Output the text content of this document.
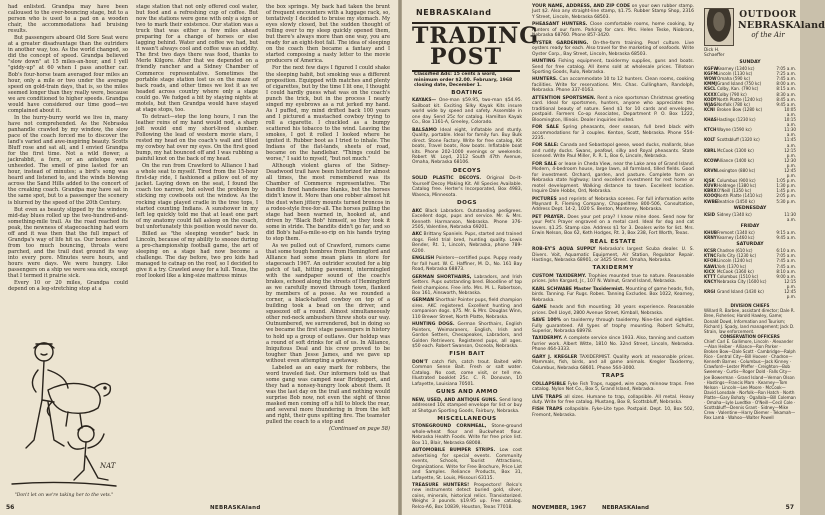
had enlisted. Grandpa may have been calloused to the ever-bouncing stage, but to a person who is used to a pad on a wooden chair, the accommodations had bruising results.

But passengers aboard Old Sore Seat were at a greater disadvantage than the outriders in another way, too. As the world changed, so did the concept of speed. Grandpa believed "slow down" at 15 miles-an-hour, and I yell "giddy-up" at 60 when I pass another car. Bob's four-horse team averaged four miles an hour, only a mile or two under the average speed on gold-train days, that is, so the miles seemed longer than they really were, because we are conditioned to higher speeds. Grandpa would have considered our time good—we complained about it.

In the hurry-burry world we live in, many have not comprehended. As the Nebraska panhandle crawled by my window, the slow pace of the coach forced me to discover the land's varied and awe-inspiring beauty. Scotts Bluff rose and sat all, and I envied Grandpa for the first time. Not a wild flower, a jackrabbit, a fern, or an antelope went unheeded. The smell of pine lasted for an hour, instead of minutes; a bird's song was heard and listened to, and the winds blowing across the Sand Hills added to the concert of the creaking coach. Grandpa may have sat in the same spot, but to a passenger the scenery is blurred by the speed of the 20th Century.

But even as beauty slipped by the window, mid-day blues rolled up the two-hundred-and-something-mile trail. As the road reached its peak, the newness of stagecoaching had worn off and it was then that the full impact of Grandpa's way of life hit us. Our bones ached from too much bouncing, throats were parched, and the trail dust ground its way into every pore. Minutes were hours, and hours were days. We were hungry. Like passengers on a ship we were sea sick, except that I termed it prairie sick.

Every 10 or 20 miles, Grandpa could depend on a leg-stretching stop at a

stage station that not only offered cool water, but food and a refreshing cup of coffee. But now the stations were gone with only a sign or two to mark their existence. Our station was a truck that was either a few miles ahead preparing for a change of horses or else lagging behind. Water and coffee we had, but it wasn't always cool and coffee was an oddity. The first two days there was food, thanks to Merle Kilgore. After that we depended on a friendly rancher and a Sidney Chamber of Commerce representative. Sometimes the portable stage station lost us on the maze of back roads, and other times we lost it as we headed across country where only a stage could go. We fudged a bit by staying nights at motels, but then Grandpa would have stayed at stage stops, too.

To detract—step the long hours, I ran the leather reins of my hand would nod, a sharp jolt would end my short-lived slumber. Following the lead of western movie stars, I rested my head on the coach's wall and tilted my cowboy hat over my eyes. On the first good bump, my hat bounced off and I was rubbing a painful knot on the back of my head.

On the run from Crawford to Alliance I had a whole seat to myself. Tired from the 15-hour first-day ride, I fashioned a pillow out of my jacket. Laying down on the seat, I found the coach too narrow, but solved the problem by sticking my cowboots out the window. As the rocking stage played cradle in the tree tops, I started counting Indians. A sunshower in my left leg quickly told me that at least one part of my anatomy could fall asleep on the coach, but unfortunately this position would never do.

Billed as "the sleeping wonder" back in Lincoln, because of my ability to snooze during a pro-championship football game, the art of sleeping on a stage had now become a challenge. The day before, two pro kids had managed to catnap on the roof, so I decided to give it a try. Crawled away for a lull. Texas, the roof looked like a king-size mattress minus

the box springs. My back had taken the brunt of frequent encounters with a luggage rack, so, tentatively I decided to bruise my stomach. My eyes slowly closed, but the sudden thought of rolling over to my sleep quickly opened them, but there's always more than one way, you are ready for an eight-foot fall. The idea of sleeping on the coach then became a fantasy and I started composing a nasty letter to the movie producers of America.

For the next few days I figured I could shake the sleeping habit, but smoking was a different proposition. Equipped with matches and plenty of cigarettes, but by the time I lit one, I thought I could hardly guess what was on the coach's punch the trick, but in the process I nearly singed my eyebrows as a rut jerked my hand. As I puffed, my mind drifted back 100 years and I pictured a mustached cowboy trying to roll a cigarette. I chuckled as a bumpy scattered his tobacco to the wind. Leaving the smokes, I got it rolled I looked where he ignited it. Rubber boot as I tried to inhale. The Indians of the flat-lands, sheets of road, became on the handlebar. "Things could be worse," I said to myself, "but not much."

Although violent glares of the Sidney-Deadwood trail have been historized for almost all times, the most remembered was its Chamber of Commerce representative. The bandits fired handsome blanks, but the horses didn't know it. More than one robber almost hit the dust when jittery mounts turned broncos in a rodeo-style free-for-all. The horses pulling the stage had been warned in, hooked at, and driven by "Black Bob" himself, so they took it some in stride. The bandits didn't go far, and so did Bob's half-a-mile-so-rip on his hands trying to stop them.

As we pulled out of Crawford, rumors came that some tough hombres from Hemingford and Alliance had some mean plans in store for stagecoach 1967. An outrider scouted for a big patch of tall, hitting pavement, intermingled with the sandpaper sound of the coach's brakes, echoed along the streets of Hemingford as we carefully moved through town, flanked by members of a posse. As we rounded a corner, a black-hatted cowboy on top of a building took a bead on the driver, and squeezed off a round. Almost simultaneously other red-neck ambushers threw shots our way. Outnumbered, we surrendered, but in doing so we became the first stage passengers in history to hold up a group of outlaws. Our holdup was a round of soft drinks for all of us. In Alliance, Iniquitous Deal and his crew proved to be tougher than Jesse James, and we gave up without even attempting a getaway.

Labeled as an easy mark for robbers, the word traveled fast. Our informers told us that some gang was camped near Bridgeport, and they had a nonsey-hungry look about them. It was the last day on the trail and nothing would surprise Bob now, not even the sight of three masked men coming off a hill to block the rear, and several more thundering in from the left and right, their guns spitting fire. The teamster pulled the coach to a stop and

(Continued on page 58)

NAT
"Don't let on we're taking her to the vets."
56	NEBRASKAland
NEBRASKAland
TRADING POST
Classified Ads: 15 cents a word, minimum order $2.00. February, 1968 closing date, December 1.
BOATING
KAYAKS— One-man $59.95, two-man $54.95. Sailboat kit. Exciting Silky Kayak Kits insure world wide by speed and safety. Assemble in one day. Send 25c for catalog. Hamilton Kayak Co., Box 1161-A, Greeley, Colorado.
BALSAMO Ideal eight, inflatable and sturdy. Quality, portable. Ideal for family fun. Buy Bulk direct. Stone Factory. Write for free catalog, Kit boats, Travel boats, Row boats. Inflatable boat kits. Phone 202-1000 evenings or weekends. Robert W. Loyd, 2112 South 47th Avenue, Omaha, Nebraska 68106.
DECOYS
SOLID PLASTIC DECOYS. Original Do-It-Yourself Decoy Making Kit. All Species Available. Catalog free. Herter's Incorporated, Box 4983, Waseca, Minnesota.
DOGS
AKC Black Labradors. Outstanding pedigrees. Excellent dogs, pups and service. Mr. & Mrs. Kenneth Harmanson, Nebraska. Phone 376-2505, Valentine, Nebraska 69201.
AKC Brittany Spaniels. Pups, started and trained dogs. Field trial bred, hunting quality. Lewis Bender, Rt. 1, Lincoln, Nebraska, phone 789-6200.
ENGLISH Pointers—certified pups. Puppy ready for fall hunt. W. C. Haffiner, M. D., No. 161 Bay Road, Nebraska 68873.
GERMAN SHORTHAIRS, Labradors, and Irish Setters. Pups outstanding bred. Bloodline of top field champions. Free info. Mrs. M. L. Robertson, Box 161, Ainsworth, Nebraska.
GERMAN Shorthair Pointer pups, field champion sires. AKC registered. Excellent hunting and companion dogs. $75. Mr. & Mrs. Douglas Winn, 110 Brewer Street, North Platte, Nebraska.
HUNTING DOGS. German Shorthairs, English Pointers, Weimaraners, English, Irish and Gordon Setters, Chesapeakes, Labradors, and Golden Retrievers. Registered pups, all ages. $50 each. Robert Swanson, Osceola, Nebraska.
FISH BAIT
DON'T catch fish, catch trout. Baited with Common Sense Bait. Fresh or salt water. Catalog. No cost, come visit, or tell me. Illustrated booklet 25c. C. R. Donovan, 10 Lafayette, Louisiana 70501.
GUNS AND AMMO
NEW, USED, AND ANTIQUE GUNS. Send long addressed 10c stamped envelope for list or buy at Shotgun Sporting Goods, Fairbury, Nebraska.
MISCELLANEOUS
STONEGROUND CORNMEAL, Stone-ground whole-wheat flour and Buckwheat flour. Nebraska Health Foods. Write for free price list. Box 11, Blair, Nebraska 68008.
AUTOMOBILE BUMPER STRIPS. Low cost advertising for special events. Community events, Schools, Tourist Attractions, Organizations. Write for Free Brochure, Price List and Samples. Reliance Products, Box 31, Lafayette, St. Louis, Missouri 63115.
TREASURE HUNTERS! Prospectors! Relco's new instruments detect buried gold, silver, coins, minerals, historical relics. Transistorized. Weighs 3 pounds. $19.95 up. Free catalog. Relco-A6, Box 10839, Houston, Texas 77018.
YOUR NAME, ADDRESS, AND ZIP CODE on your own rubber stamp. Just $2. Also any straight-line stamp, $1.75. Rubber Stamp Shop, 2316 Y Street, Lincoln, Nebraska 68503.
PHEASANT HUNTERS. Close comfortable rooms, home cooking, by hunters of our farm. Parking for cars. Mrs. Helen Teske, Niobrara, Nebraska 68760. Phone 857-3420.
OYSTER GARDENING. On-the-farm training. Pearl culture. Live oysters ready for each. Also travel for the marketing of seafoods. Write Oyster Corp., Bay Street, Lincoln, Nebraska 68503.
HUNTING Fishing equipment, taxidermy supplies, guns and boats. Send for free catalog. All items sold at wholesale prices. Tillotson Sporting Goods, Rulo, Nebraska.
HUNTERS. Can accommodate 10 to 12 hunters. Clean rooms, cooking facilities. Write for reservations. Mrs. Chas. Cullingham, Randolph, Nebraska. Phone 337-0163.
ATTENTION SPORTSMEN. Rent a nice sportsman Christmas greeting card. Ideal for sportsmen, hunters, anyone who appreciates the traditional beauty of nature. Send $1 for 10 cards and envelopes, postpaid. Farmers Co-op Associates, Department P. O. Box 1222, Bloomington, Illinois. Dealer inquiries invited.
FOR SALE Spring pheasants, deer season, full bred black with accommodations for 3 couples. Kenton, Scott, Nebraska. Phone 554-2235.
FOR SALE: Canada and Sebastopol geese, wood ducks, mallards, blue and ruddy ducks. Swans, peafowl, silky and Royal pheasants. State licensed. Write Paul Miller, R. R. 1, Box 6, Lincoln, Nebraska.
FOR SALE or lease in Cheda View, near the Lake area of Grand Island. Modern, 4-bedroom house, large lawn, all farmland, tilled fields. Good for investment. Orchard, garden, and pasture. Complete farm on Nebraska state highway; land excellent investment for rest home or motel development. Walking distance to town. Excellent location. Inquire Dale Hobbs, Ord, Nebraska.
PICTURES and reprints of Nebraska scenes. For full information write Maynard R. Fleming Company, Chappelltree 800-506, Consultation, Address Dept. 14-2, 1020 S. Benton, Monterey, Nebraska.
PET PRAYER. Does your pet pray? I know mine does. Send now for your Pet's Prayer engraved on a metal card. Ideal for dog and cat lovers. $1.25. Stamp size. Address $1 for 3. Dealers write for list. Mrs. Erwin Nelson, Box 62, Keth Hodges, Rt. 3, Box 238, Fort Worth, Texas.
REAL ESTATE
ROB-EY'S AQUA SUPPLY Nebraska's largest Scuba dealer. U. S. Divers. Voit, Aquamatic Equipment, Air Station, Regulator Repair. Hastings, Nebraska 68901, or 3425 Street. Omaha, Nebraska.
TAXIDERMY
CUSTOM TAXIDERMY. Trophies mounted true to nature. Reasonable prices. John Kargard, Jr., 107 N. Walnut, Grand Island, Nebraska.
KARL SCHWABE Master Taxidermist. Mounting of game heads, fish, birds. Tanning. Fur Rugs. Robes. Tanning Excludes. Box 1022, Kearney, Nebraska.
GAME heads and fish mounting; 30 years experience. Reasonable prices. Dell Lloyd, 2800 Avenue Street, Kimball, Nebraska.
SAVE 100% on taxidermy through taxidermy. Nine-ties and eighties. Fully guaranteed. All types of trophy mounting. Robert Schultz, Superior, Nebraska 68978.
TAXIDERMY. A complete service since 1933. Also, tanning and custom furrier work. Albert Witte, 1810 No. 32nd Street, Lincoln, Nebraska. Phone 464-3333.
GARY J. KREGLER TAXIDERMIST. Quality work at reasonable prices. Mammals, fish, birds, and all game animals. Kregler Taxidermy, Columbus, Nebraska 68601. Phone 564-3000.
TRAPS
COLLAPSIBLE Fyke Fish Traps, rugged, wire cage, minnow traps. Free catalog. Nylon Net Co., Box 5, Grand Island, Nebraska.
LIVE TRAPS all sizes. Humane to trap, collapsible. All metal. Heavy duty. Write for free catalog. Mustang, Box 8, Scottsbluff, Nebraska.
FISH TRAPS collapsible. Fyke-Lite type. Postpaid. Dept. 10, Box 502, Fremont, Nebraska.
Dick H. Schaeffer
OUTDOOR
NEBRASKAland
of the Air
SUNDAY
KGFW Kearney (1340 kc)	7:05 a.m.
KGFM Lincoln (1130 kc)	7:25 a.m.
WOW Omaha (590 kc)	7:45 a.m.
KMMJ Grand Island (750 kc)	8:00 a.m.
KSCL Colby, Kan. (790 kc)	8:15 a.m.
KXXX Colby (790 kc)	8:30 a.m.
KODY North Platte (1240 kc)	8:45 a.m.
WJAG Norfolk (780 kc)	9:45 a.m.
KCNI Broken Bow (1280 kc)	10:05 a.m.
KHAS Hastings (1230 kc)	10:15 a.m.
KTCH Wayne (1590 kc)	11:30 a.m.
KOLT Scottsbluff (1320 kc)	11:45 a.m.
KBRL McCook (1300 kc)	12:15 p.m.
KCOW Alliance (1400 kc)	12:30 p.m.
KRVN Lexington (880 kc)	12:45 p.m.
KJSK Columbus (900 kc)	1:05 p.m.
KUVR Holdrege (1380 kc)	1:30 p.m.
KBRX O'Neill (1350 kc)	1:45 p.m.
KOOQ North Platte (1410 kc)	2:05 p.m.
KWBE Beatrice (1450 kc)	5:30 p.m.
WEDNESDAY
KSID Sidney (1340 kc)	11:30 a.m.
FRIDAY
KHUB Fremont (1340 kc)	9:15 a.m.
KRNY Kearney (1460 kc)	9:45 a.m.
SATURDAY
KCSR Chadron (610 kc)	6:10 a.m.
KTNC Falls City (1230 kc)	7:05 a.m.
KFOR Lincoln (1240 kc)	7:45 a.m.
KAWL York (1370 kc)	7:45 a.m.
KICX McCook (1360 kc)	8:10 a.m.
KTTT Columbus (1510 kc)	9:00 a.m.
KNCY Nebraska City (1600 kc)	12:15 p.m.
KRGI Grand Island (1430 kc)	12:45 p.m.
DIVISION CHIEFS
Willard R. Barbee, assistant director; Dale R. Bree, Fisheries; Harold Hawley, Game; Donald Dowd, Information and Tourism; Richard J. Spady, land management; Jack D. Strain, law enforcement.
CONSERVATION OFFICERS
Chief: Carl E. Gallimore, Lincoln · Alexander—Alan Heiber · Alliance—Ron Parker · Broken Bow—Dale Scott · Cambridge—Ralph Rice · Central City—Bill Hoover · Chadron—Kenneth Barnes · Columbus—Jack Kinney · Crawford—Lester Pfeffer · Creighton—Bob Sweeney · Curtis—Roger Dold · Falls City—Joe Bowerman · Grand Island—Vernon Olson · Hastings—Francis Marn · Kearney—Tom Nelson · Lincoln—Lee Moore · McCook—David Lonsdale · Norfolk—Ron Hatch · North Platte—Gary Bohaty · Ogallala—Bill Coleman · Omaha—Lyle Luedtke · O'Neill—Cecil Cole · Scottsbluff—Dennis Grant · Sidney—Mike Crew · Valentine—Harry Diemer · Tekamah—Rex Lamb · Wahoo—Walter Powell
NOVEMBER, 1967	NEBRASKAland	57
